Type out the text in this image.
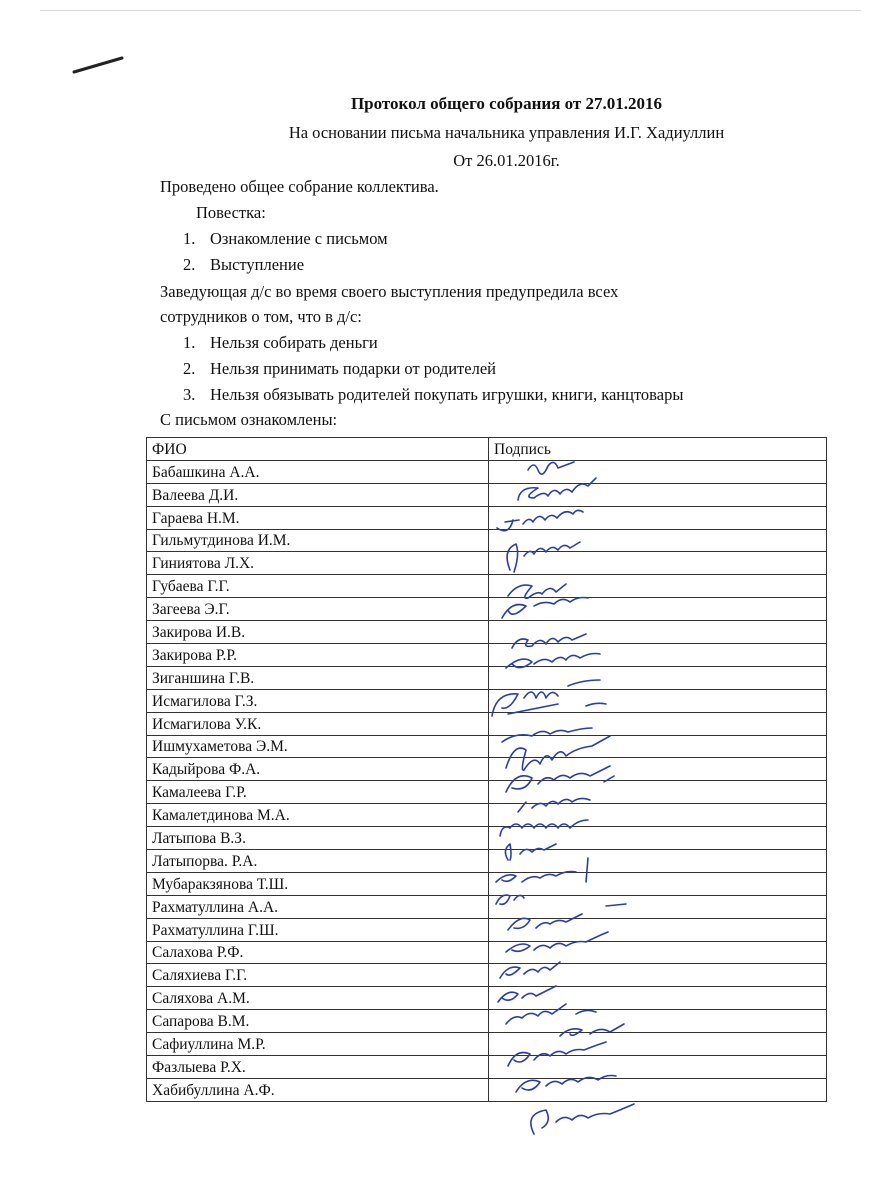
Протокол общего собрания от 27.01.2016
На основании письма начальника управления И.Г. Хадиуллин
От 26.01.2016г.
Проведено общее собрание коллектива.
Повестка:
1. Ознакомление с письмом
2. Выступление
Заведующая д/с во время своего выступления предупредила всех
сотрудников о том, что в д/с:
1. Нельзя собирать деньги
2. Нельзя принимать подарки от родителей
3. Нельзя обязывать родителей покупать игрушки, книги, канцтовары
С письмом ознакомлены:
ФИО	Подпись
Бабашкина А.А.	
Валеева Д.И.	
Гараева Н.М.	
Гильмутдинова И.М.	
Гиниятова Л.Х.	
Губаева Г.Г.	
Загеева Э.Г.	
Закирова И.В.	
Закирова Р.Р.	
Зиганшина Г.В.	
Исмагилова Г.З.	
Исмагилова У.К.	
Ишмухаметова Э.М.	
Кадыйрова Ф.А.	
Камалеева Г.Р.	
Камалетдинова М.А.	
Латыпова В.З.	
Латыпорва. Р.А.	
Мубаракзянова Т.Ш.	
Рахматуллина А.А.	
Рахматуллина Г.Ш.	
Салахова Р.Ф.	
Саляхиева Г.Г.	
Саляхова А.М.	
Сапарова В.М.	
Сафиуллина М.Р.	
Фазлыева Р.Х.	
Хабибуллина А.Ф.	
